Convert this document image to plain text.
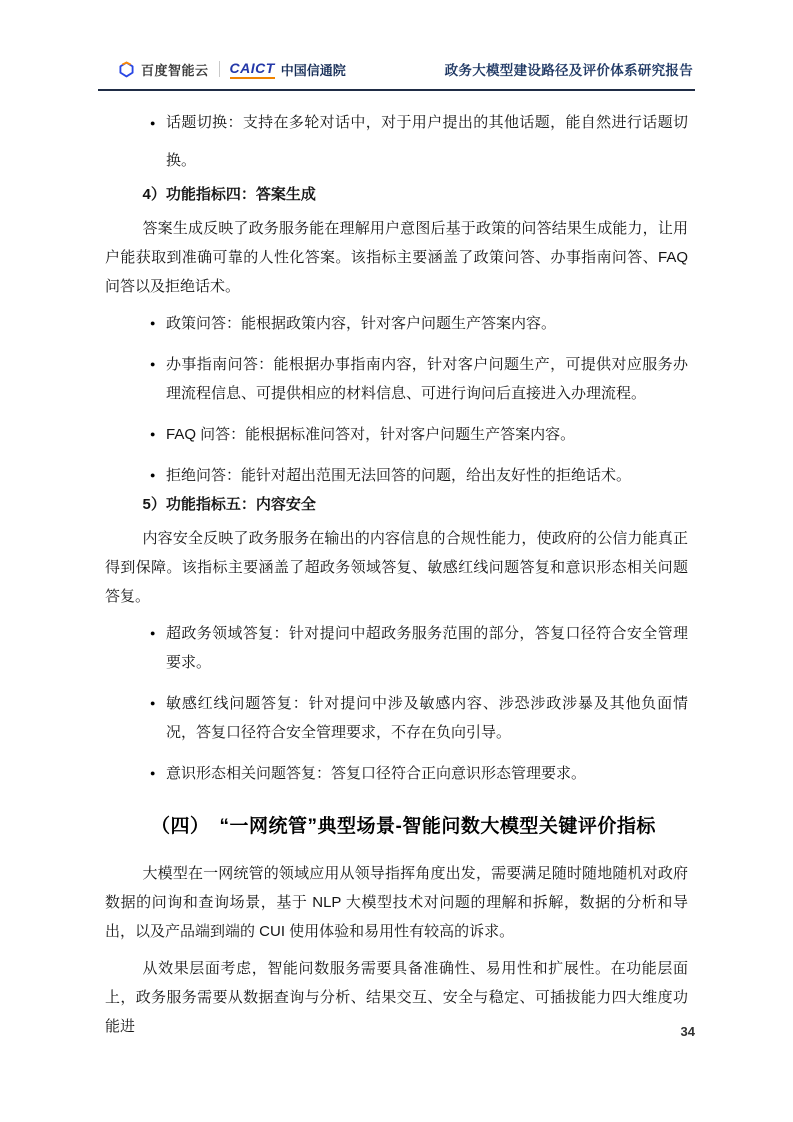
百度智能云 CAICT 中国信通院	政务大模型建设路径及评价体系研究报告
● 话题切换：支持在多轮对话中，对于用户提出的其他话题，能自然进行话题切换。

4）功能指标四：答案生成

答案生成反映了政务服务能在理解用户意图后基于政策的问答结果生成能力，让用户能获取到准确可靠的人性化答案。该指标主要涵盖了政策问答、办事指南问答、FAQ问答以及拒绝话术。

● 政策问答：能根据政策内容，针对客户问题生产答案内容。
● 办事指南问答：能根据办事指南内容，针对客户问题生产，可提供对应服务办理流程信息、可提供相应的材料信息、可进行询问后直接进入办理流程。
● FAQ 问答：能根据标准问答对，针对客户问题生产答案内容。
● 拒绝问答：能针对超出范围无法回答的问题，给出友好性的拒绝话术。

5）功能指标五：内容安全

内容安全反映了政务服务在输出的内容信息的合规性能力，使政府的公信力能真正得到保障。该指标主要涵盖了超政务领域答复、敏感红线问题答复和意识形态相关问题答复。

● 超政务领域答复：针对提问中超政务服务范围的部分，答复口径符合安全管理要求。
● 敏感红线问题答复：针对提问中涉及敏感内容、涉恐涉政涉暴及其他负面情况，答复口径符合安全管理要求，不存在负向引导。
● 意识形态相关问题答复：答复口径符合正向意识形态管理要求。
（四）　“一网统管”典型场景-智能问数大模型关键评价指标

大模型在一网统管的领域应用从领导指挥角度出发，需要满足随时随地随机对政府数据的问询和查询场景，基于 NLP 大模型技术对问题的理解和拆解，数据的分析和导出，以及产品端到端的 CUI 使用体验和易用性有较高的诉求。

从效果层面考虑，智能问数服务需要具备准确性、易用性和扩展性。在功能层面上，政务服务需要从数据查询与分析、结果交互、安全与稳定、可插拔能力四大维度功能进	34
